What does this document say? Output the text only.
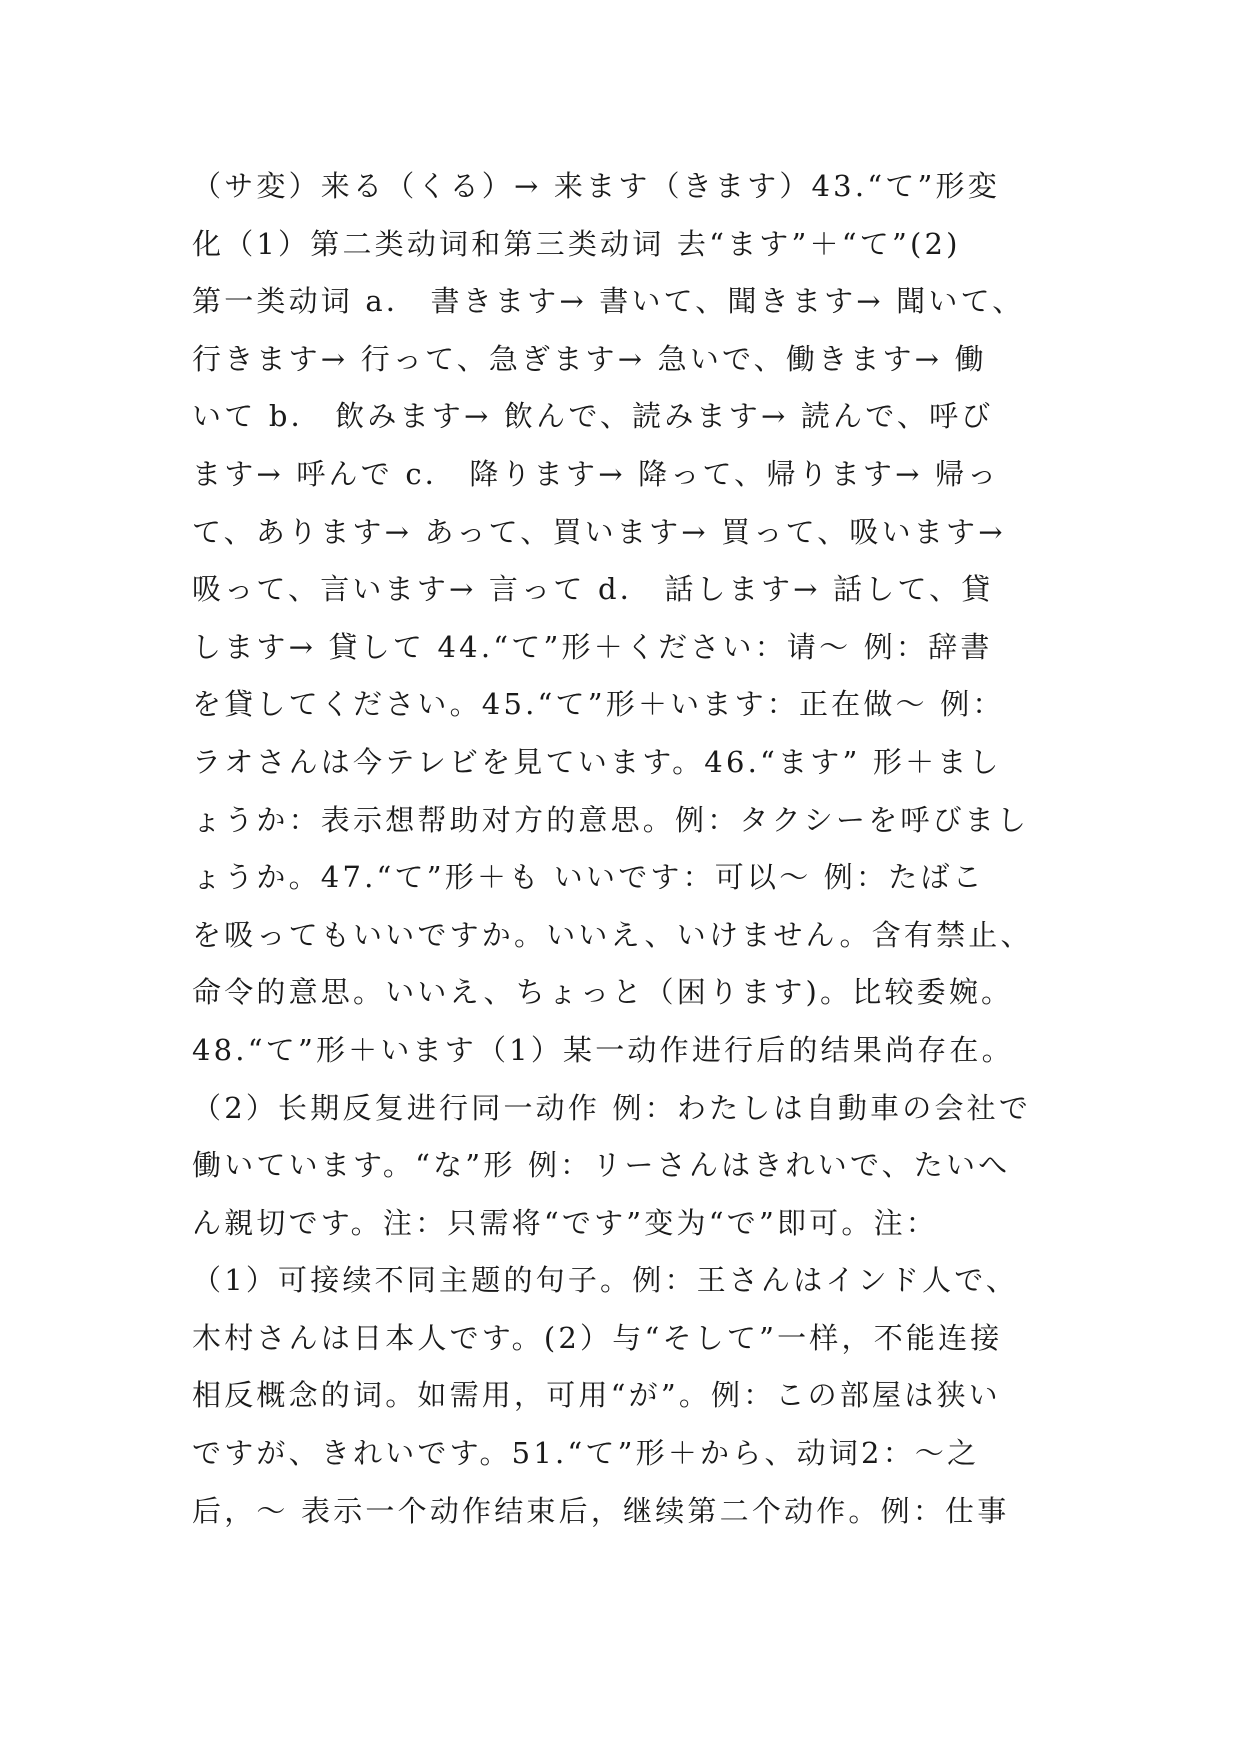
（サ変）来る（くる）→ 来ます（きます）43.“て”形変
化（1）第二类动词和第三类动词 去“ます”＋“て”(2)
第一类动词 a． 書きます→ 書いて、聞きます→ 聞いて、
行きます→ 行って、急ぎます→ 急いで、働きます→ 働
いて b． 飲みます→ 飲んで、読みます→ 読んで、呼び
ます→ 呼んで c． 降ります→ 降って、帰ります→ 帰っ
て、あります→ あって、買います→ 買って、吸います→
吸って、言います→ 言って d． 話します→ 話して、貸
します→ 貸して 44.“て”形＋ください：请～ 例：辞書
を貸してください。45.“て”形＋います：正在做～ 例：
ラオさんは今テレビを見ています。46.“ます” 形＋まし
ょうか：表示想帮助对方的意思。例：タクシーを呼びまし
ょうか。47.“て”形＋も いいです：可以～ 例：たばこ
を吸ってもいいですか。いいえ、いけません。含有禁止、
命令的意思。いいえ、ちょっと（困ります)。比较委婉。
48.“て”形＋います（1）某一动作进行后的结果尚存在。
（2）长期反复进行同一动作 例：わたしは自動車の会社で
働いています。“な”形 例：リーさんはきれいで、たいへ
ん親切です。注：只需将“です”变为“で”即可。注：
（1）可接续不同主题的句子。例：王さんはインド人で、
木村さんは日本人です。(2）与“そして”一样，不能连接
相反概念的词。如需用，可用“が”。例：この部屋は狭い
ですが、きれいです。51.“て”形＋から、动词2：～之
后，～ 表示一个动作结束后，继续第二个动作。例：仕事
